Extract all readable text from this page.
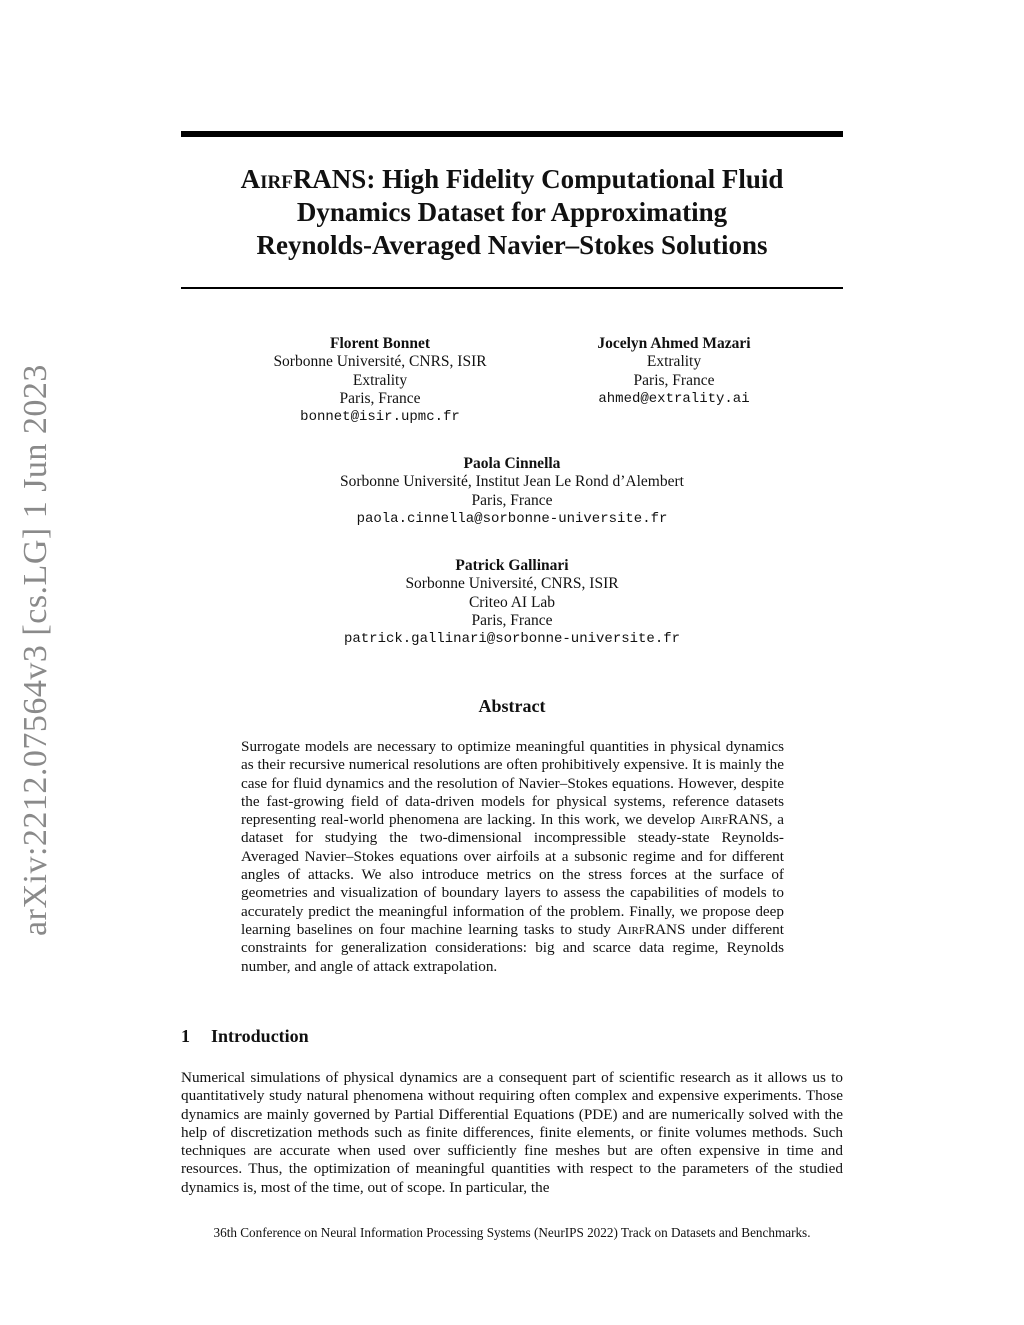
arXiv:2212.07564v3 [cs.LG] 1 Jun 2023
AirfRANS: High Fidelity Computational Fluid
Dynamics Dataset for Approximating
Reynolds-Averaged Navier–Stokes Solutions
Florent Bonnet
Sorbonne Université, CNRS, ISIR
Extrality
Paris, France
bonnet@isir.upmc.fr
Jocelyn Ahmed Mazari
Extrality
Paris, France
ahmed@extrality.ai
Paola Cinnella
Sorbonne Université, Institut Jean Le Rond d’Alembert
Paris, France
paola.cinnella@sorbonne-universite.fr
Patrick Gallinari
Sorbonne Université, CNRS, ISIR
Criteo AI Lab
Paris, France
patrick.gallinari@sorbonne-universite.fr
Abstract
Surrogate models are necessary to optimize meaningful quantities in physical dynamics as their recursive numerical resolutions are often prohibitively expensive. It is mainly the case for fluid dynamics and the resolution of Navier–Stokes equations. However, despite the fast-growing field of data-driven models for physical systems, reference datasets representing real-world phenomena are lacking. In this work, we develop AirfRANS, a dataset for studying the two-dimensional incompressible steady-state Reynolds-Averaged Navier–Stokes equations over airfoils at a subsonic regime and for different angles of attacks. We also introduce metrics on the stress forces at the surface of geometries and visualization of boundary layers to assess the capabilities of models to accurately predict the meaningful information of the problem. Finally, we propose deep learning baselines on four machine learning tasks to study AirfRANS under different constraints for generalization considerations: big and scarce data regime, Reynolds number, and angle of attack extrapolation.
1 Introduction
Numerical simulations of physical dynamics are a consequent part of scientific research as it allows us to quantitatively study natural phenomena without requiring often complex and expensive experiments. Those dynamics are mainly governed by Partial Differential Equations (PDE) and are numerically solved with the help of discretization methods such as finite differences, finite elements, or finite volumes methods. Such techniques are accurate when used over sufficiently fine meshes but are often expensive in time and resources. Thus, the optimization of meaningful quantities with respect to the parameters of the studied dynamics is, most of the time, out of scope. In particular, the
36th Conference on Neural Information Processing Systems (NeurIPS 2022) Track on Datasets and Benchmarks.
